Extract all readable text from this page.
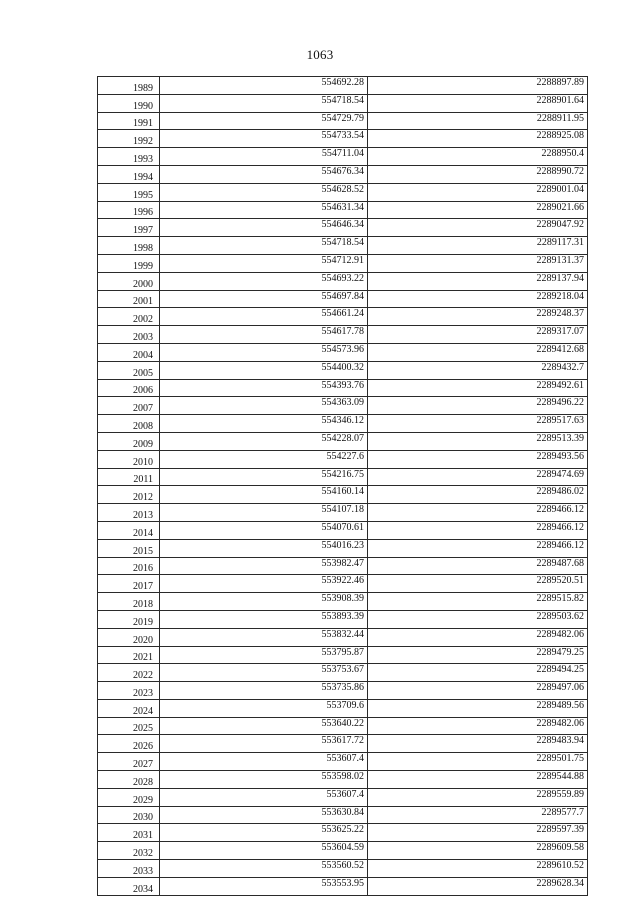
1063
1989	554692.28	2288897.89
1990	554718.54	2288901.64
1991	554729.79	2288911.95
1992	554733.54	2288925.08
1993	554711.04	2288950.4
1994	554676.34	2288990.72
1995	554628.52	2289001.04
1996	554631.34	2289021.66
1997	554646.34	2289047.92
1998	554718.54	2289117.31
1999	554712.91	2289131.37
2000	554693.22	2289137.94
2001	554697.84	2289218.04
2002	554661.24	2289248.37
2003	554617.78	2289317.07
2004	554573.96	2289412.68
2005	554400.32	2289432.7
2006	554393.76	2289492.61
2007	554363.09	2289496.22
2008	554346.12	2289517.63
2009	554228.07	2289513.39
2010	554227.6	2289493.56
2011	554216.75	2289474.69
2012	554160.14	2289486.02
2013	554107.18	2289466.12
2014	554070.61	2289466.12
2015	554016.23	2289466.12
2016	553982.47	2289487.68
2017	553922.46	2289520.51
2018	553908.39	2289515.82
2019	553893.39	2289503.62
2020	553832.44	2289482.06
2021	553795.87	2289479.25
2022	553753.67	2289494.25
2023	553735.86	2289497.06
2024	553709.6	2289489.56
2025	553640.22	2289482.06
2026	553617.72	2289483.94
2027	553607.4	2289501.75
2028	553598.02	2289544.88
2029	553607.4	2289559.89
2030	553630.84	2289577.7
2031	553625.22	2289597.39
2032	553604.59	2289609.58
2033	553560.52	2289610.52
2034	553553.95	2289628.34
